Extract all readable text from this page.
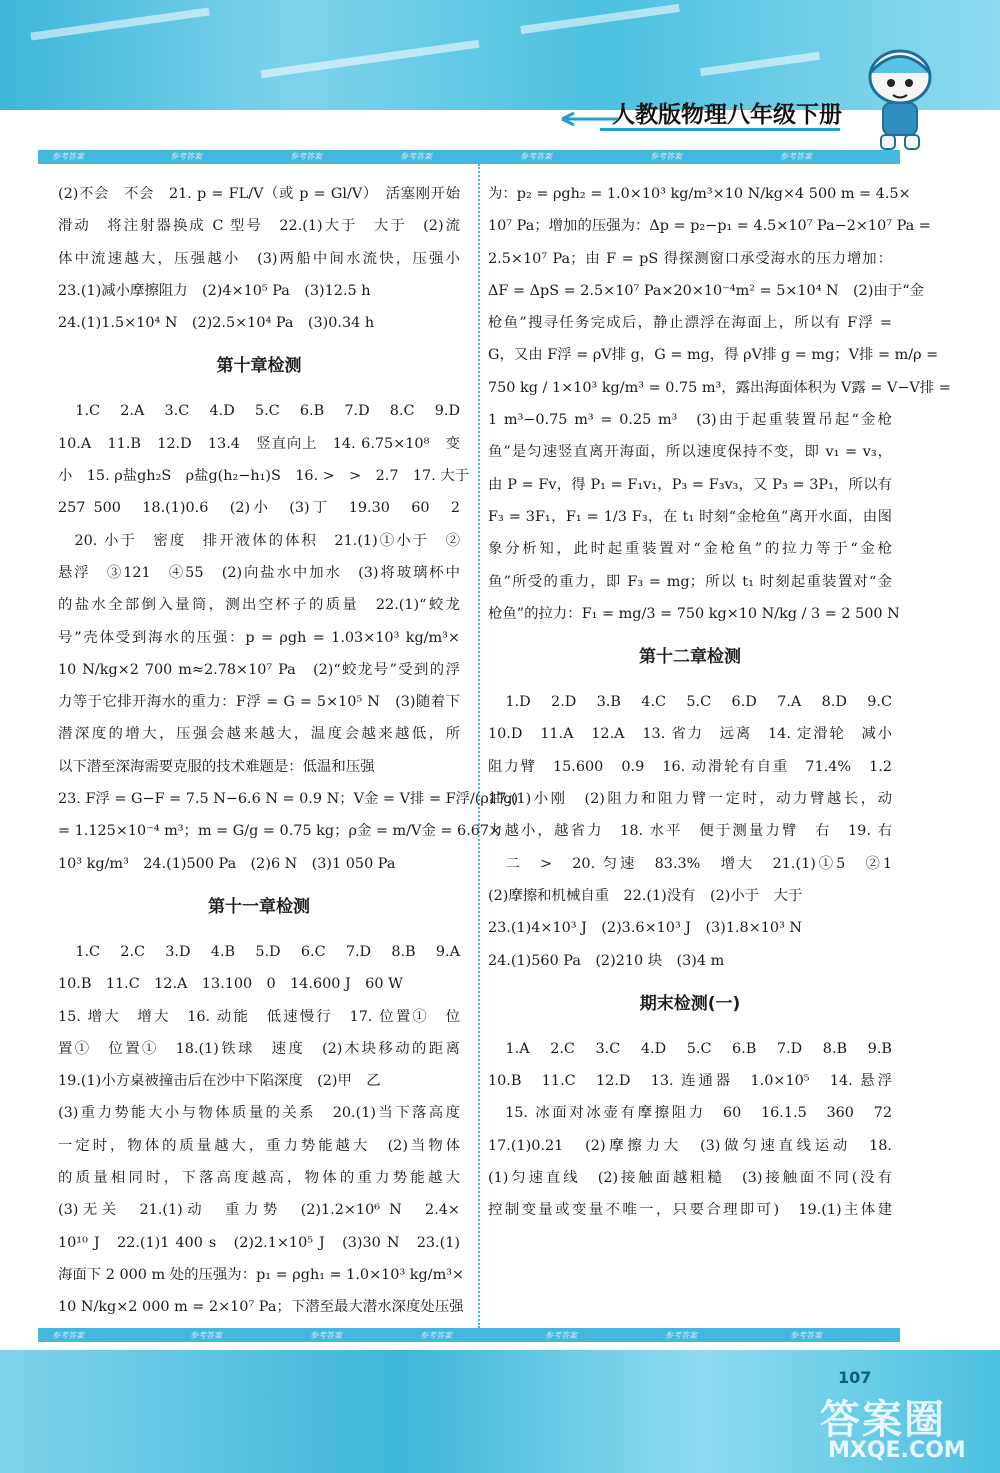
人教版物理八年级下册
参考答案	参考答案	参考答案	参考答案	参考答案	参考答案	参考答案

(2)不会　不会　21. p = FL/V（或 p = Gl/V）　活塞刚开始

滑动　将注射器换成 C 型号　22.(1)大于　大于　(2)流

体中流速越大，压强越小　(3)两船中间水流快，压强小

23.(1)减小摩擦阻力　(2)4×10⁵ Pa　(3)12.5 h

24.(1)1.5×10⁴ N　(2)2.5×10⁴ Pa　(3)0.34 h

第十章检测

　1.C　2.A　3.C　4.D　5.C　6.B　7.D　8.C　9.D

10.A　11.B　12.D　13.4　竖直向上　14. 6.75×10⁸　变

小　15. ρ盐gh₂S　ρ盐g(h₂−h₁)S　16. >　>　2.7　17. 大于

257 500　18.(1)0.6　(2)小　(3)丁　19.30　60　2

　20. 小于　密度　排开液体的体积　21.(1)①小于　②

悬浮　③121　④55　(2)向盐水中加水　(3)将玻璃杯中

的盐水全部倒入量筒，测出空杯子的质量　22.(1)“蛟龙

号”壳体受到海水的压强：p = ρgh = 1.03×10³ kg/m³×

10 N/kg×2 700 m≈2.78×10⁷ Pa　(2)“蛟龙号”受到的浮

力等于它排开海水的重力：F浮 = G = 5×10⁵ N　(3)随着下

潜深度的增大，压强会越来越大，温度会越来越低，所

以下潜至深海需要克服的技术难题是：低温和压强

23. F浮 = G−F = 7.5 N−6.6 N = 0.9 N；V金 = V排 = F浮/(ρ油g)

= 1.125×10⁻⁴ m³；m = G/g = 0.75 kg；ρ金 = m/V金 = 6.67×

10³ kg/m³　24.(1)500 Pa　(2)6 N　(3)1 050 Pa

第十一章检测

　1.C　2.C　3.D　4.B　5.D　6.C　7.D　8.B　9.A

10.B　11.C　12.A　13.100　0　14.600 J　60 W

15. 增大　增大　16. 动能　低速慢行　17. 位置①　位

置①　位置①　18.(1)铁球　速度　(2)木块移动的距离

19.(1)小方桌被撞击后在沙中下陷深度　(2)甲　乙

(3)重力势能大小与物体质量的关系　20.(1)当下落高度

一定时，物体的质量越大，重力势能越大　(2)当物体

的质量相同时，下落高度越高，物体的重力势能越大

(3)无关　21.(1)动　重力势　(2)1.2×10⁶ N　2.4×

10¹⁰ J　22.(1)1 400 s　(2)2.1×10⁵ J　(3)30 N　23.(1)

海面下 2 000 m 处的压强为：p₁ = ρgh₁ = 1.0×10³ kg/m³×

10 N/kg×2 000 m = 2×10⁷ Pa；下潜至最大潜水深度处压强

为：p₂ = ρgh₂ = 1.0×10³ kg/m³×10 N/kg×4 500 m = 4.5×

10⁷ Pa；增加的压强为：Δp = p₂−p₁ = 4.5×10⁷ Pa−2×10⁷ Pa =

2.5×10⁷ Pa；由 F = pS 得探测窗口承受海水的压力增加：

ΔF = ΔpS = 2.5×10⁷ Pa×20×10⁻⁴m² = 5×10⁴ N　(2)由于“金

枪鱼”搜寻任务完成后，静止漂浮在海面上，所以有 F浮 =

G，又由 F浮 = ρV排 g，G = mg，得 ρV排 g = mg；V排 = m/ρ =

750 kg / 1×10³ kg/m³ = 0.75 m³，露出海面体积为 V露 = V−V排 =

1 m³−0.75 m³ = 0.25 m³　(3)由于起重装置吊起“金枪

鱼”是匀速竖直离开海面，所以速度保持不变，即 v₁ = v₃，

由 P = Fv，得 P₁ = F₁v₁，P₃ = F₃v₃，又 P₃ = 3P₁，所以有

F₃ = 3F₁，F₁ = 1/3 F₃，在 t₁ 时刻“金枪鱼”离开水面，由图

象分析知，此时起重装置对“金枪鱼”的拉力等于“金枪

鱼”所受的重力，即 F₃ = mg；所以 t₁ 时刻起重装置对“金

枪鱼”的拉力：F₁ = mg/3 = 750 kg×10 N/kg / 3 = 2 500 N

第十二章检测

　1.D　2.D　3.B　4.C　5.C　6.D　7.A　8.D　9.C

10.D　11.A　12.A　13. 省力　远离　14. 定滑轮　减小

阻力臂　15.600　0.9　16. 动滑轮有自重　71.4%　1.2

17.(1)小刚　(2)阻力和阻力臂一定时，动力臂越长，动

力越小，越省力　18. 水平　便于测量力臂　右　19. 右

　二　>　20. 匀速　83.3%　增大　21.(1)①5　②1

(2)摩擦和机械自重　22.(1)没有　(2)小于　大于

23.(1)4×10³ J　(2)3.6×10³ J　(3)1.8×10³ N

24.(1)560 Pa　(2)210 块　(3)4 m

期末检测(一)

　1.A　2.C　3.C　4.D　5.C　6.B　7.D　8.B　9.B

10.B　11.C　12.D　13. 连通器　1.0×10⁵　14. 悬浮

　15. 冰面对冰壶有摩擦阻力　60　16.1.5　360　72

17.(1)0.21　(2)摩擦力大　(3)做匀速直线运动　18.

(1)匀速直线　(2)接触面越粗糙　(3)接触面不同(没有

控制变量或变量不唯一，只要合理即可)　19.(1)主体建

参考答案	参考答案	参考答案	参考答案	参考答案	参考答案	参考答案
107
答案圈
MXQE.COM
